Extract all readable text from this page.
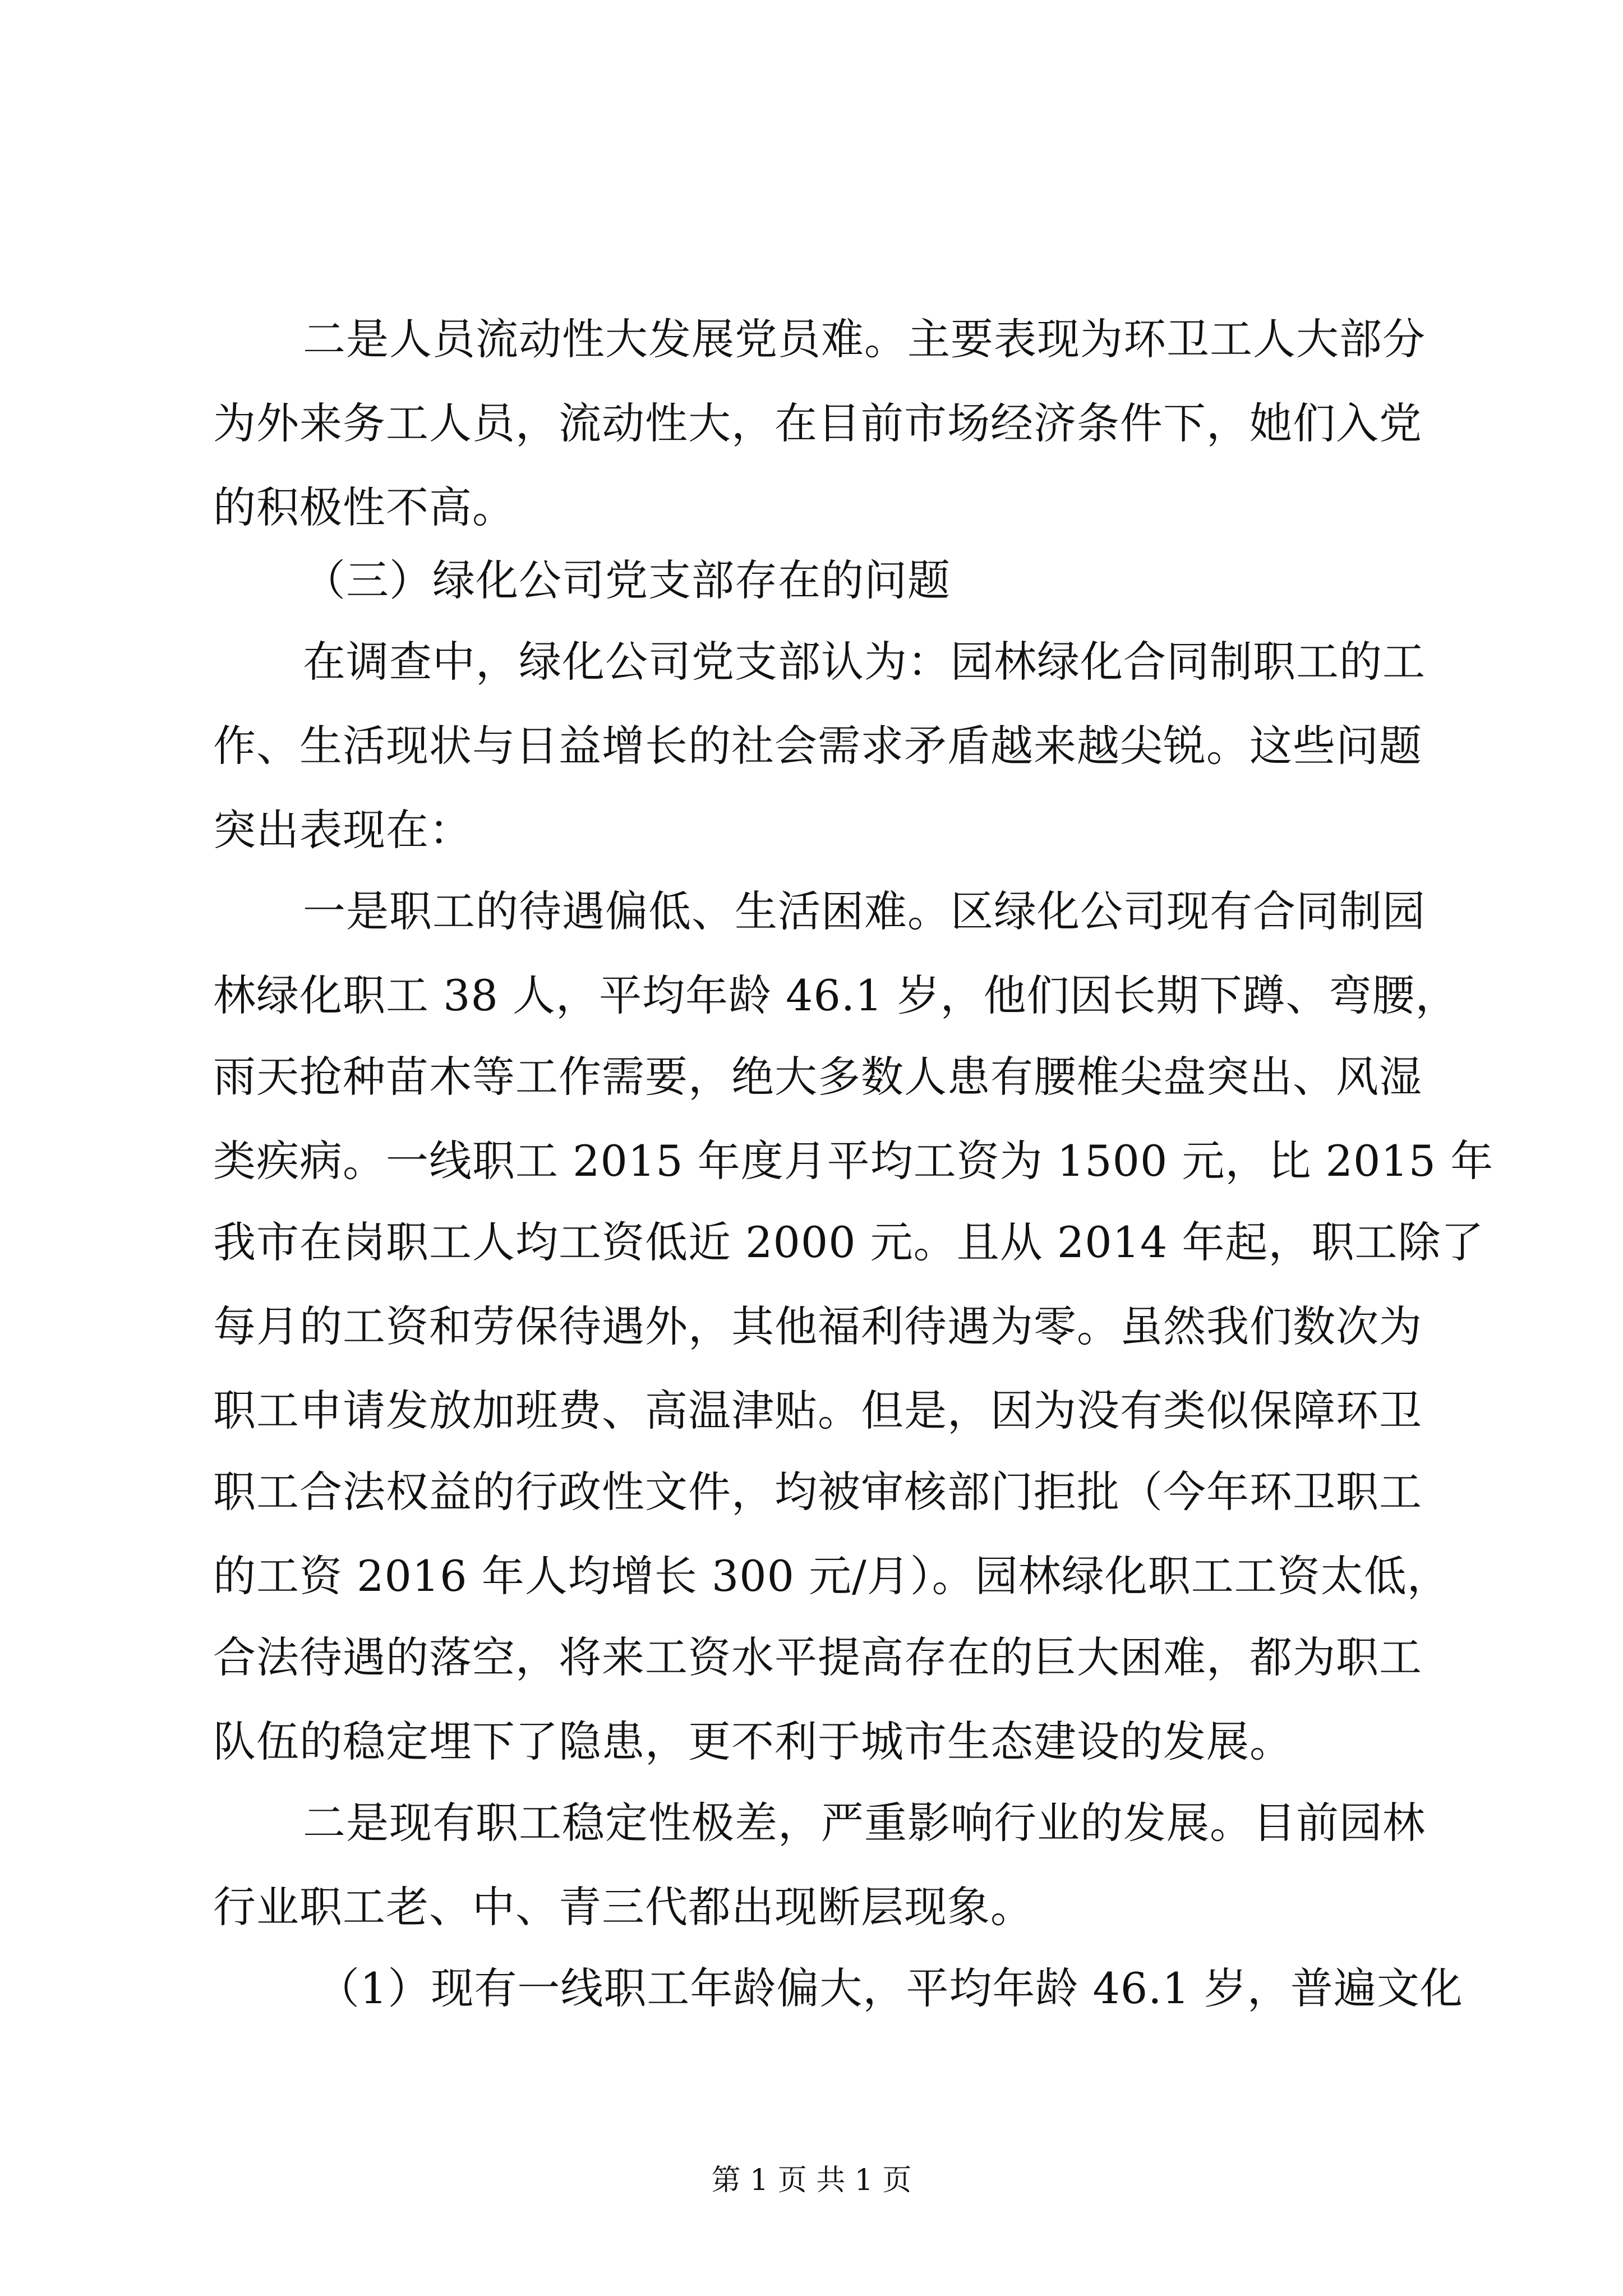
二是人员流动性大发展党员难。主要表现为环卫工人大部分
为外来务工人员，流动性大，在目前市场经济条件下，她们入党
的积极性不高。
（三）绿化公司党支部存在的问题
在调查中，绿化公司党支部认为：园林绿化合同制职工的工
作、生活现状与日益增长的社会需求矛盾越来越尖锐。这些问题
突出表现在：
一是职工的待遇偏低、生活困难。区绿化公司现有合同制园
林绿化职工 38 人，平均年龄 46.1 岁，他们因长期下蹲、弯腰，
雨天抢种苗木等工作需要，绝大多数人患有腰椎尖盘突出、风湿
类疾病。一线职工 2015 年度月平均工资为 1500 元，比 2015 年
我市在岗职工人均工资低近 2000 元。且从 2014 年起，职工除了
每月的工资和劳保待遇外，其他福利待遇为零。虽然我们数次为
职工申请发放加班费、高温津贴。但是，因为没有类似保障环卫
职工合法权益的行政性文件，均被审核部门拒批（今年环卫职工
的工资 2016 年人均增长 300 元/月）。园林绿化职工工资太低，
合法待遇的落空，将来工资水平提高存在的巨大困难，都为职工
队伍的稳定埋下了隐患，更不利于城市生态建设的发展。
二是现有职工稳定性极差，严重影响行业的发展。目前园林
行业职工老、中、青三代都出现断层现象。
（1）现有一线职工年龄偏大，平均年龄 46.1 岁，普遍文化
第 1 页 共 1 页
